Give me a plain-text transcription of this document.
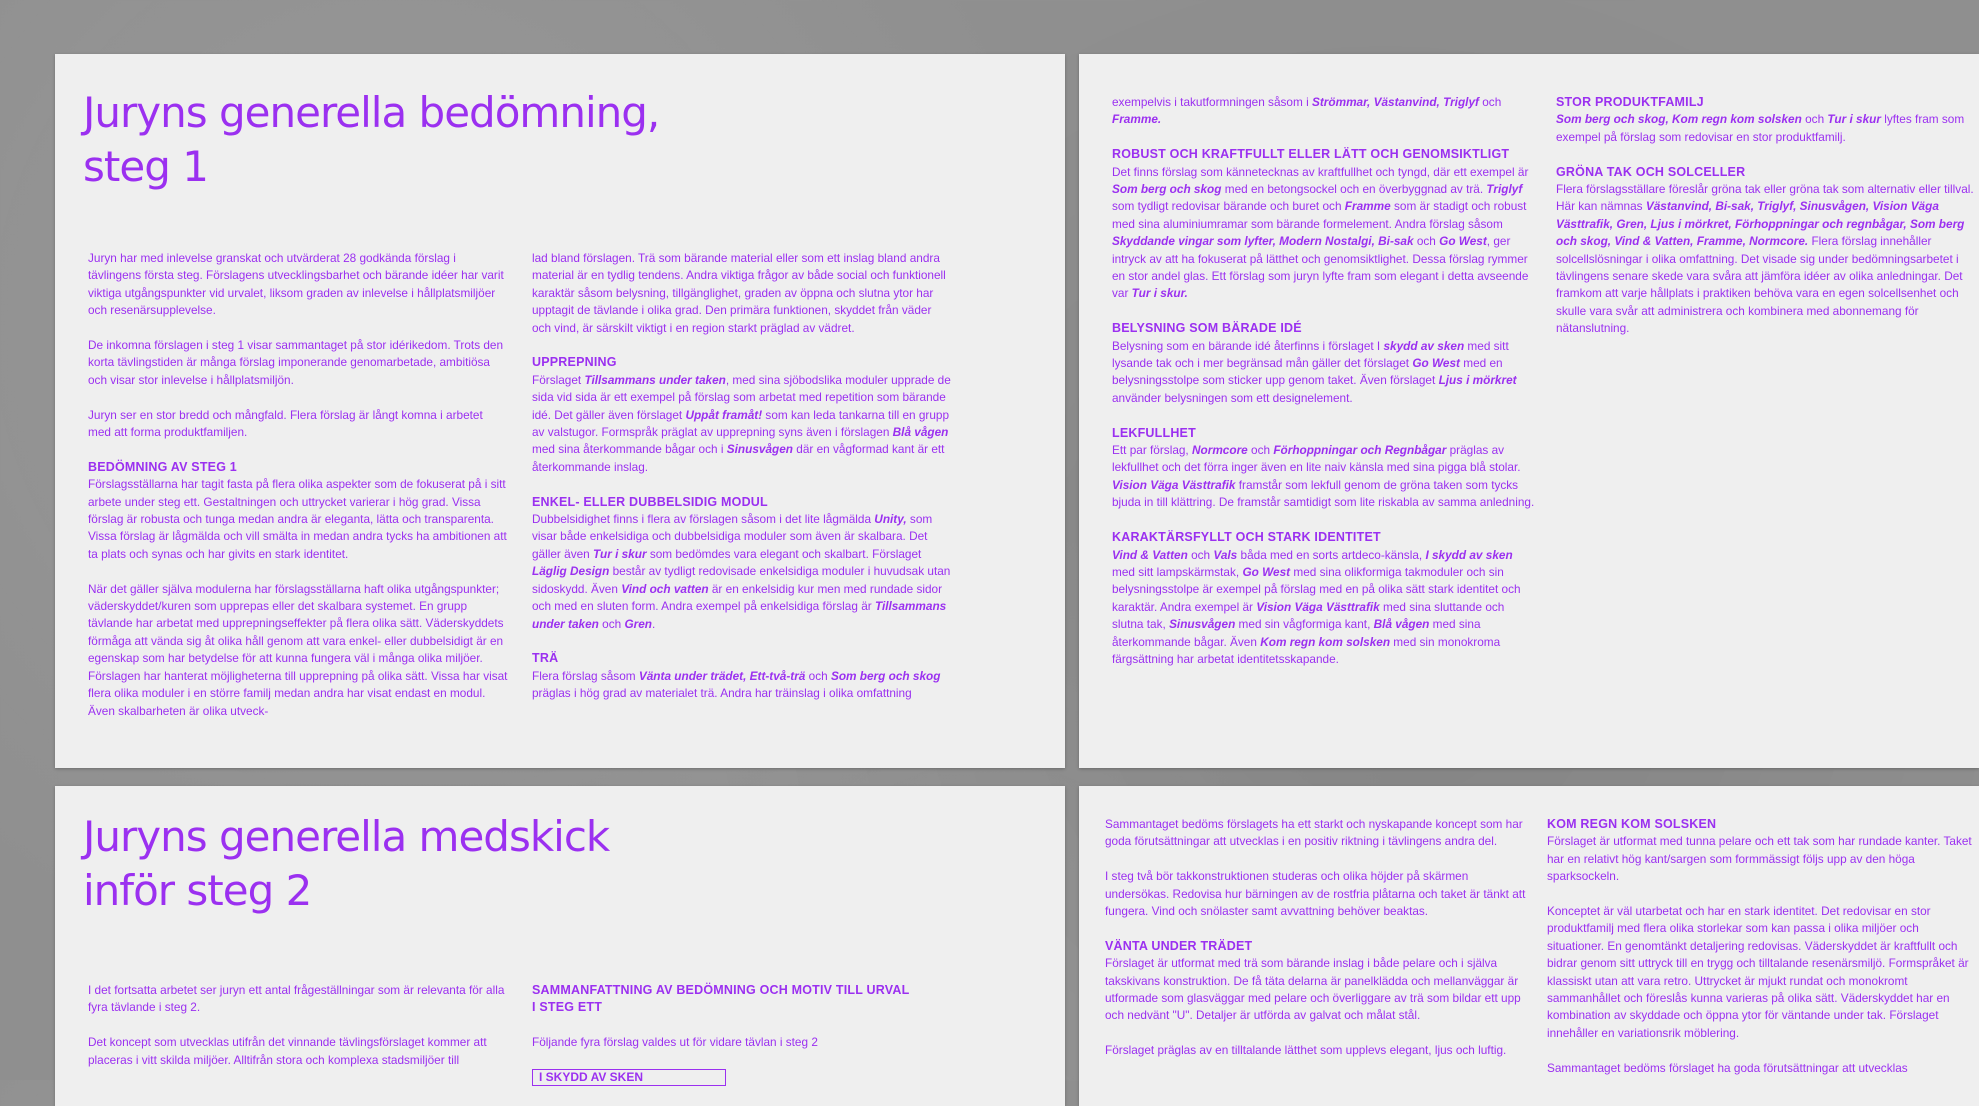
Juryns generella bedömning,
steg 1

Juryn har med inlevelse granskat och utvärderat 28 godkända förslag i tävlingens första steg. Förslagens utvecklingsbarhet och bärande idéer har varit viktiga utgångspunkter vid urvalet, liksom graden av inlevelse i hållplatsmiljöer och resenärsupplevelse.

De inkomna förslagen i steg 1 visar sammantaget på stor idérikedom. Trots den korta tävlingstiden är många förslag imponerande genomarbetade, ambitiösa och visar stor inlevelse i hållplatsmiljön.

Juryn ser en stor bredd och mångfald. Flera förslag är långt komna i arbetet med att forma produktfamiljen.

BEDÖMNING AV STEG 1

Förslagsställarna har tagit fasta på flera olika aspekter som de fokuserat på i sitt arbete under steg ett. Gestaltningen och uttrycket varierar i hög grad. Vissa förslag är robusta och tunga medan andra är eleganta, lätta och transparenta. Vissa förslag är lågmälda och vill smälta in medan andra tycks ha ambitionen att ta plats och synas och har givits en stark identitet.

När det gäller själva modulerna har förslagsställarna haft olika utgångspunkter; väderskyddet/kuren som upprepas eller det skalbara systemet. En grupp tävlande har arbetat med upprepningseffekter på flera olika sätt. Väderskyddets förmåga att vända sig åt olika håll genom att vara enkel- eller dubbelsidigt är en egenskap som har betydelse för att kunna fungera väl i många olika miljöer. Förslagen har hanterat möjligheterna till upprepning på olika sätt. Vissa har visat flera olika moduler i en större familj medan andra har visat endast en modul. Även skalbarheten är olika utveck-

lad bland förslagen. Trä som bärande material eller som ett inslag bland andra material är en tydlig tendens. Andra viktiga frågor av både social och funktionell karaktär såsom belysning, tillgänglighet, graden av öppna och slutna ytor har upptagit de tävlande i olika grad. Den primära funktionen, skyddet från väder och vind, är särskilt viktigt i en region starkt präglad av vädret.

UPPREPNING

Förslaget Tillsammans under taken, med sina sjöbodslika moduler upprade de sida vid sida är ett exempel på förslag som arbetat med repetition som bärande idé. Det gäller även förslaget Uppåt framåt! som kan leda tankarna till en grupp av valstugor. Formspråk präglat av upprepning syns även i förslagen Blå vågen med sina återkommande bågar och i Sinusvågen där en vågformad kant är ett återkommande inslag.

ENKEL- ELLER DUBBELSIDIG MODUL

Dubbelsidighet finns i flera av förslagen såsom i det lite lågmälda Unity, som visar både enkelsidiga och dubbelsidiga moduler som även är skalbara. Det gäller även Tur i skur som bedömdes vara elegant och skalbart. Förslaget Läglig Design består av tydligt redovisade enkelsidiga moduler i huvudsak utan sidoskydd. Även Vind och vatten är en enkelsidig kur men med rundade sidor och med en sluten form. Andra exempel på enkelsidiga förslag är Tillsammans under taken och Gren.

TRÄ

Flera förslag såsom Vänta under trädet, Ett-två-trä och Som berg och skog präglas i hög grad av materialet trä. Andra har träinslag i olika omfattning

exempelvis i takutformningen såsom i Strömmar, Västanvind, Triglyf och Framme.

ROBUST OCH KRAFTFULLT ELLER LÄTT OCH GENOMSIKTLIGT

Det finns förslag som kännetecknas av kraftfullhet och tyngd, där ett exempel är Som berg och skog med en betongsockel och en överbyggnad av trä. Triglyf som tydligt redovisar bärande och buret och Framme som är stadigt och robust med sina aluminiumramar som bärande formelement. Andra förslag såsom Skyddande vingar som lyfter, Modern Nostalgi, Bi-sak och Go West, ger intryck av att ha fokuserat på lätthet och genomsiktlighet. Dessa förslag rymmer en stor andel glas. Ett förslag som juryn lyfte fram som elegant i detta avseende var Tur i skur.

BELYSNING SOM BÄRADE IDÉ

Belysning som en bärande idé återfinns i förslaget I skydd av sken med sitt lysande tak och i mer begränsad mån gäller det förslaget Go West med en belysningsstolpe som sticker upp genom taket. Även förslaget Ljus i mörkret använder belysningen som ett designelement.

LEKFULLHET

Ett par förslag, Normcore och Förhoppningar och Regnbågar präglas av lekfullhet och det förra inger även en lite naiv känsla med sina pigga blå stolar. Vision Väga Västtrafik framstår som lekfull genom de gröna taken som tycks bjuda in till klättring. De framstår samtidigt som lite riskabla av samma anledning.

KARAKTÄRSFYLLT OCH STARK IDENTITET

Vind & Vatten och Vals båda med en sorts artdeco-känsla, I skydd av sken med sitt lampskärmstak, Go West med sina olikformiga takmoduler och sin belysningsstolpe är exempel på förslag med en på olika sätt stark identitet och karaktär. Andra exempel är Vision Väga Västtrafik med sina sluttande och slutna tak, Sinusvågen med sin vågformiga kant, Blå vågen med sina återkommande bågar. Även Kom regn kom solsken med sin monokroma färgsättning har arbetat identitetsskapande.

STOR PRODUKTFAMILJ

Som berg och skog, Kom regn kom solsken och Tur i skur lyftes fram som exempel på förslag som redovisar en stor produktfamilj.

GRÖNA TAK OCH SOLCELLER

Flera förslagsställare föreslår gröna tak eller gröna tak som alternativ eller tillval. Här kan nämnas Västanvind, Bi-sak, Triglyf, Sinusvågen, Vision Väga Västtrafik, Gren, Ljus i mörkret, Förhoppningar och regnbågar, Som berg och skog, Vind & Vatten, Framme, Normcore. Flera förslag innehåller solcellslösningar i olika omfattning. Det visade sig under bedömningsarbetet i tävlingens senare skede vara svåra att jämföra idéer av olika anledningar. Det framkom att varje hållplats i praktiken behöva vara en egen solcellsenhet och skulle vara svår att administrera och kombinera med abonnemang för nätanslutning.

Juryns generella medskick
inför steg 2

I det fortsatta arbetet ser juryn ett antal frågeställningar som är relevanta för alla fyra tävlande i steg 2.

Det koncept som utvecklas utifrån det vinnande tävlingsförslaget kommer att placeras i vitt skilda miljöer. Alltifrån stora och komplexa stadsmiljöer till

SAMMANFATTNING AV BEDÖMNING OCH MOTIV TILL URVAL
I STEG ETT

Följande fyra förslag valdes ut för vidare tävlan i steg 2

I SKYDD AV SKEN

Sammantaget bedöms förslagets ha ett starkt och nyskapande koncept som har goda förutsättningar att utvecklas i en positiv riktning i tävlingens andra del.

I steg två bör takkonstruktionen studeras och olika höjder på skärmen undersökas. Redovisa hur bärningen av de rostfria plåtarna och taket är tänkt att fungera. Vind och snölaster samt avvattning behöver beaktas.

VÄNTA UNDER TRÄDET

Förslaget är utformat med trä som bärande inslag i både pelare och i själva takskivans konstruktion. De få täta delarna är panelklädda och mellanväggar är utformade som glasväggar med pelare och överliggare av trä som bildar ett upp och nedvänt "U". Detaljer är utförda av galvat och målat stål.

Förslaget präglas av en tilltalande lätthet som upplevs elegant, ljus och luftig.

KOM REGN KOM SOLSKEN

Förslaget är utformat med tunna pelare och ett tak som har rundade kanter. Taket har en relativt hög kant/sargen som formmässigt följs upp av den höga sparksockeln.

Konceptet är väl utarbetat och har en stark identitet. Det redovisar en stor produktfamilj med flera olika storlekar som kan passa i olika miljöer och situationer. En genomtänkt detaljering redovisas. Väderskyddet är kraftfullt och bidrar genom sitt uttryck till en trygg och tilltalande resenärsmiljö. Formspråket är klassiskt utan att vara retro. Uttrycket är mjukt rundat och monokromt sammanhållet och föreslås kunna varieras på olika sätt. Väderskyddet har en kombination av skyddade och öppna ytor för väntande under tak. Förslaget innehåller en variationsrik möblering.

Sammantaget bedöms förslaget ha goda förutsättningar att utvecklas
